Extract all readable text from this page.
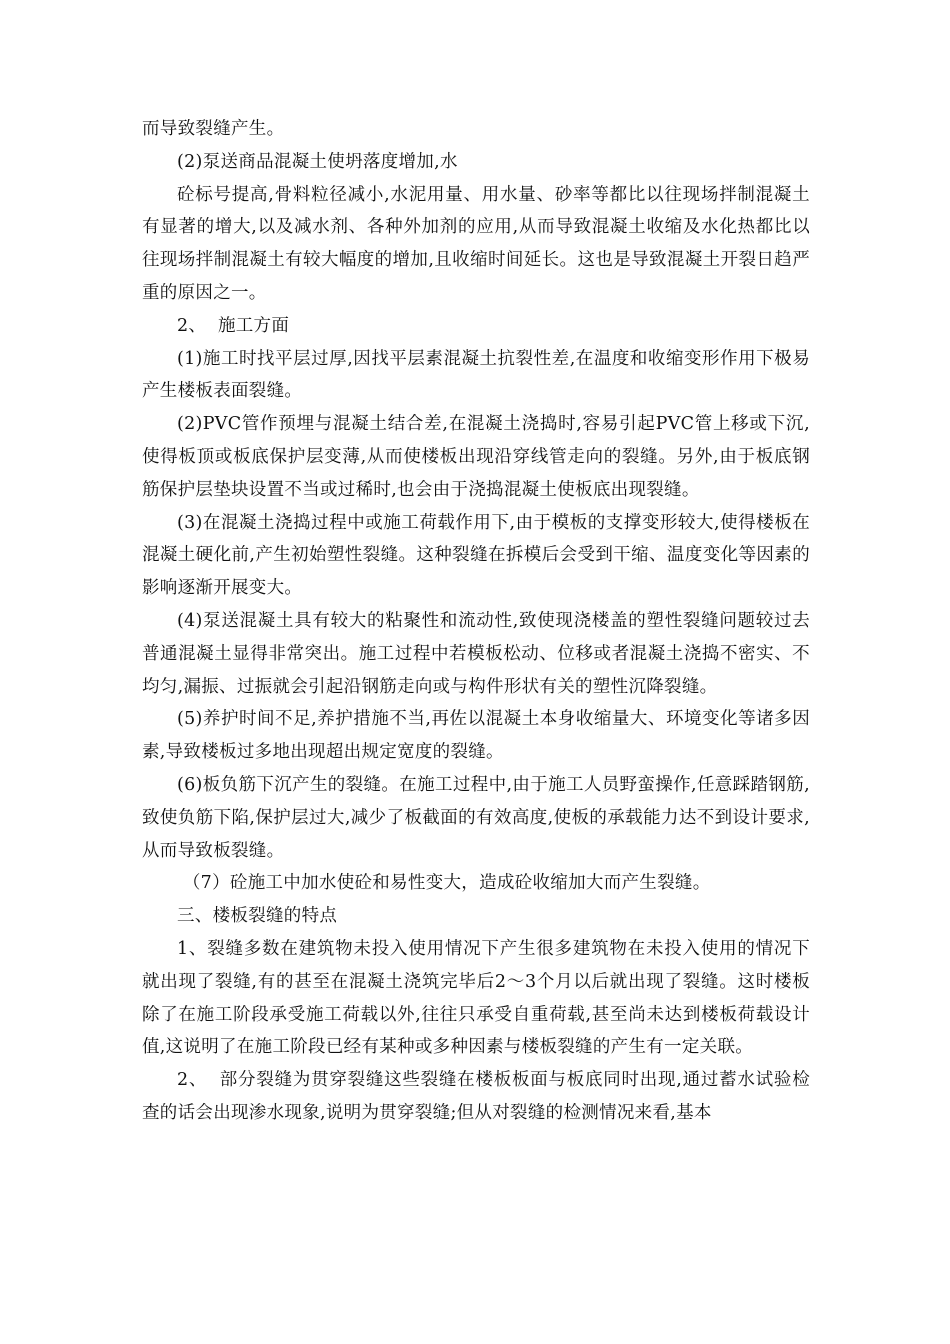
而导致裂缝产生。

(2)泵送商品混凝土使坍落度增加,水

砼标号提高,骨料粒径减小,水泥用量、用水量、砂率等都比以往现场拌制混凝土有显著的增大,以及减水剂、各种外加剂的应用,从而导致混凝土收缩及水化热都比以往现场拌制混凝土有较大幅度的增加,且收缩时间延长。这也是导致混凝土开裂日趋严重的原因之一。

2、  施工方面

(1)施工时找平层过厚,因找平层素混凝土抗裂性差,在温度和收缩变形作用下极易产生楼板表面裂缝。

(2)PVC管作预埋与混凝土结合差,在混凝土浇捣时,容易引起PVC管上移或下沉,使得板顶或板底保护层变薄,从而使楼板出现沿穿线管走向的裂缝。另外,由于板底钢筋保护层垫块设置不当或过稀时,也会由于浇捣混凝土使板底出现裂缝。

(3)在混凝土浇捣过程中或施工荷载作用下,由于模板的支撑变形较大,使得楼板在混凝土硬化前,产生初始塑性裂缝。这种裂缝在拆模后会受到干缩、温度变化等因素的影响逐渐开展变大。

(4)泵送混凝土具有较大的粘聚性和流动性,致使现浇楼盖的塑性裂缝问题较过去普通混凝土显得非常突出。施工过程中若模板松动、位移或者混凝土浇捣不密实、不均匀,漏振、过振就会引起沿钢筋走向或与构件形状有关的塑性沉降裂缝。

(5)养护时间不足,养护措施不当,再佐以混凝土本身收缩量大、环境变化等诸多因素,导致楼板过多地出现超出规定宽度的裂缝。

(6)板负筋下沉产生的裂缝。在施工过程中,由于施工人员野蛮操作,任意踩踏钢筋,致使负筋下陷,保护层过大,减少了板截面的有效高度,使板的承载能力达不到设计要求,从而导致板裂缝。

（7）砼施工中加水使砼和易性变大，造成砼收缩加大而产生裂缝。

三、楼板裂缝的特点

1、裂缝多数在建筑物未投入使用情况下产生很多建筑物在未投入使用的情况下就出现了裂缝,有的甚至在混凝土浇筑完毕后2～3个月以后就出现了裂缝。这时楼板除了在施工阶段承受施工荷载以外,往往只承受自重荷载,甚至尚未达到楼板荷载设计值,这说明了在施工阶段已经有某种或多种因素与楼板裂缝的产生有一定关联。

2、  部分裂缝为贯穿裂缝这些裂缝在楼板板面与板底同时出现,通过蓄水试验检查的话会出现渗水现象,说明为贯穿裂缝;但从对裂缝的检测情况来看,基本
